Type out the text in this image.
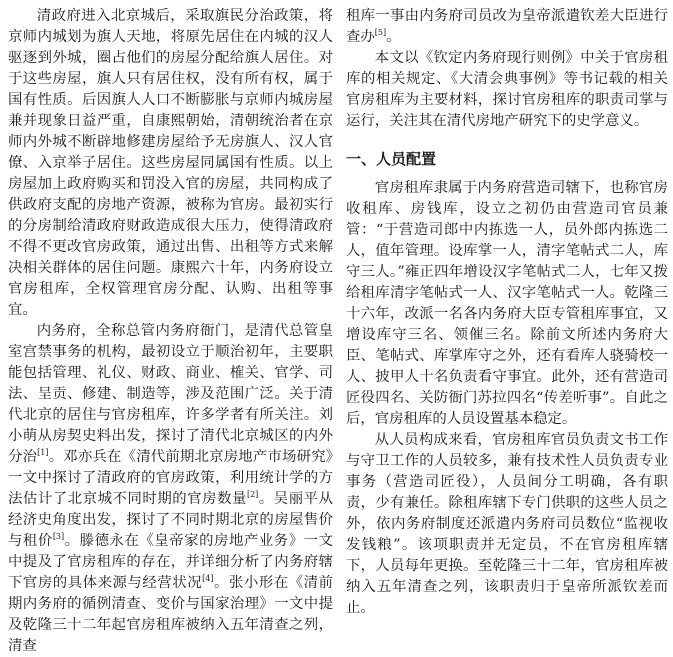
清政府进入北京城后，采取旗民分治政策，将京师内城划为旗人天地，将原先居住在内城的汉人驱逐到外城，圈占他们的房屋分配给旗人居住。对于这些房屋，旗人只有居住权，没有所有权，属于国有性质。后因旗人人口不断膨胀与京师内城房屋兼并现象日益严重，自康熙朝始，清朝统治者在京师内外城不断辟地修建房屋给予无房旗人、汉人官僚、入京举子居住。这些房屋同属国有性质。以上房屋加上政府购买和罚没入官的房屋，共同构成了供政府支配的房地产资源，被称为官房。最初实行的分房制给清政府财政造成很大压力，使得清政府不得不更改官房政策，通过出售、出租等方式来解决相关群体的居住问题。康熙六十年，内务府设立官房租库，全权管理官房分配、认购、出租等事宜。

内务府，全称总管内务府衙门，是清代总管皇室宫禁事务的机构，最初设立于顺治初年，主要职能包括管理、礼仪、财政、商业、榷关、官学、司法、呈贡、修建、制造等，涉及范围广泛。关于清代北京的居住与官房租库，许多学者有所关注。刘小萌从房契史料出发，探讨了清代北京城区的内外分治[1]。邓亦兵在《清代前期北京房地产市场研究》一文中探讨了清政府的官房政策，利用统计学的方法估计了北京城不同时期的官房数量[2]。吴丽平从经济史角度出发，探讨了不同时期北京的房屋售价与租价[3]。滕德永在《皇帝家的房地产业务》一文中提及了官房租库的存在，并详细分析了内务府辖下官房的具体来源与经营状况[4]。张小形在《清前期内务府的循例清查、变价与国家治理》一文中提及乾隆三十二年起官房租库被纳入五年清查之列，清查

租库一事由内务府司员改为皇帝派遣钦差大臣进行查办[5]。

本文以《钦定内务府现行则例》中关于官房租库的相关规定、《大清会典事例》等书记载的相关官房租库为主要材料，探讨官房租库的职责司掌与运行，关注其在清代房地产研究下的史学意义。

一、人员配置

官房租库隶属于内务府营造司辖下，也称官房收租库、房钱库，设立之初仍由营造司官员兼管：“于营造司郎中内拣选一人，员外郎内拣选二人，值年管理。设库掌一人，清字笔帖式二人，库守三人。”雍正四年增设汉字笔帖式二人，七年又拨给租库清字笔帖式一人、汉字笔帖式一人。乾隆三十六年，改派一名各内务府大臣专管租库事宜，又增设库守三名、领催三名。除前文所述内务府大臣、笔帖式、库掌库守之外，还有看库人骁骑校一人、披甲人十名负责看守事宜。此外，还有营造司匠役四名、关防衙门苏拉四名“传差听事”。自此之后，官房租库的人员设置基本稳定。

从人员构成来看，官房租库官员负责文书工作与守卫工作的人员较多，兼有技术性人员负责专业事务（营造司匠役），人员间分工明确，各有职责，少有兼任。除租库辖下专门供职的这些人员之外，依内务府制度还派遣内务府司员数位“监视收发钱粮”。该项职责并无定员，不在官房租库辖下，人员每年更换。至乾隆三十二年，官房租库被纳入五年清查之列，该职责归于皇帝所派钦差而止。
